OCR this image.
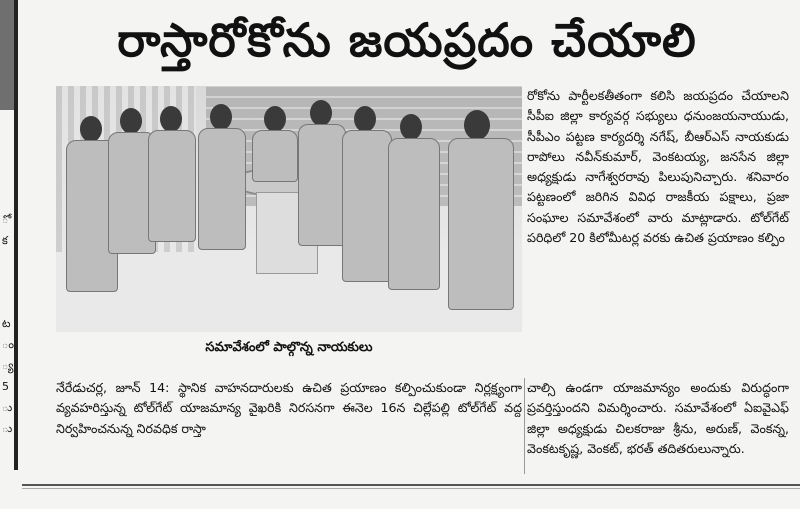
ో
క
ట
ం
్య
5
ు
ు
రాస్తారోకోను జయప్రదం చేయాలి
సమావేశంలో పాల్గొన్న నాయకులు

రోకోను పార్టీలకతీతంగా కలిసి జయప్రదం చేయాలని సీపీఐ జిల్లా కార్యవర్గ సభ్యులు ధనుంజయనాయుడు, సీపీఎం పట్టణ కార్యదర్శి నగేష్, బీఆర్ఎస్ నాయకుడు రాపోలు నవీన్‌కుమార్, వెంకటయ్య, జనసేన జిల్లా అధ్యక్షుడు నాగేశ్వరరావు పిలుపునిచ్చారు. శనివారం పట్టణంలో జరిగిన వివిధ రాజకీయ పక్షాలు, ప్రజా సంఘాల సమావేశంలో వారు మాట్లాడారు. టోల్‌గేట్ పరిధిలో 20 కిలోమీటర్ల వరకు ఉచిత ప్రయాణం కల్పిం

నేరేడుచర్ల, జూన్ 14: స్థానిక వాహనదారులకు ఉచిత ప్రయాణం కల్పించుకుండా నిర్లక్ష్యంగా వ్యవహరిస్తున్న టోల్‌గేట్ యాజమాన్య వైఖరికి నిరసనగా ఈనెల 16న చిల్లేపల్లి టోల్‌గేట్ వద్ద నిర్వహించనున్న నిరవధిక రాస్తా

చాల్సి ఉండగా యాజమాన్యం అందుకు విరుద్ధంగా ప్రవర్తిస్తుందని విమర్శించారు. సమావేశంలో ఏఐవైఎఫ్ జిల్లా అధ్యక్షుడు చిలకరాజు శ్రీను, అరుణ్, వెంకన్న, వెంకటకృష్ణ, వెంకట్, భరత్ తదితరులున్నారు.
